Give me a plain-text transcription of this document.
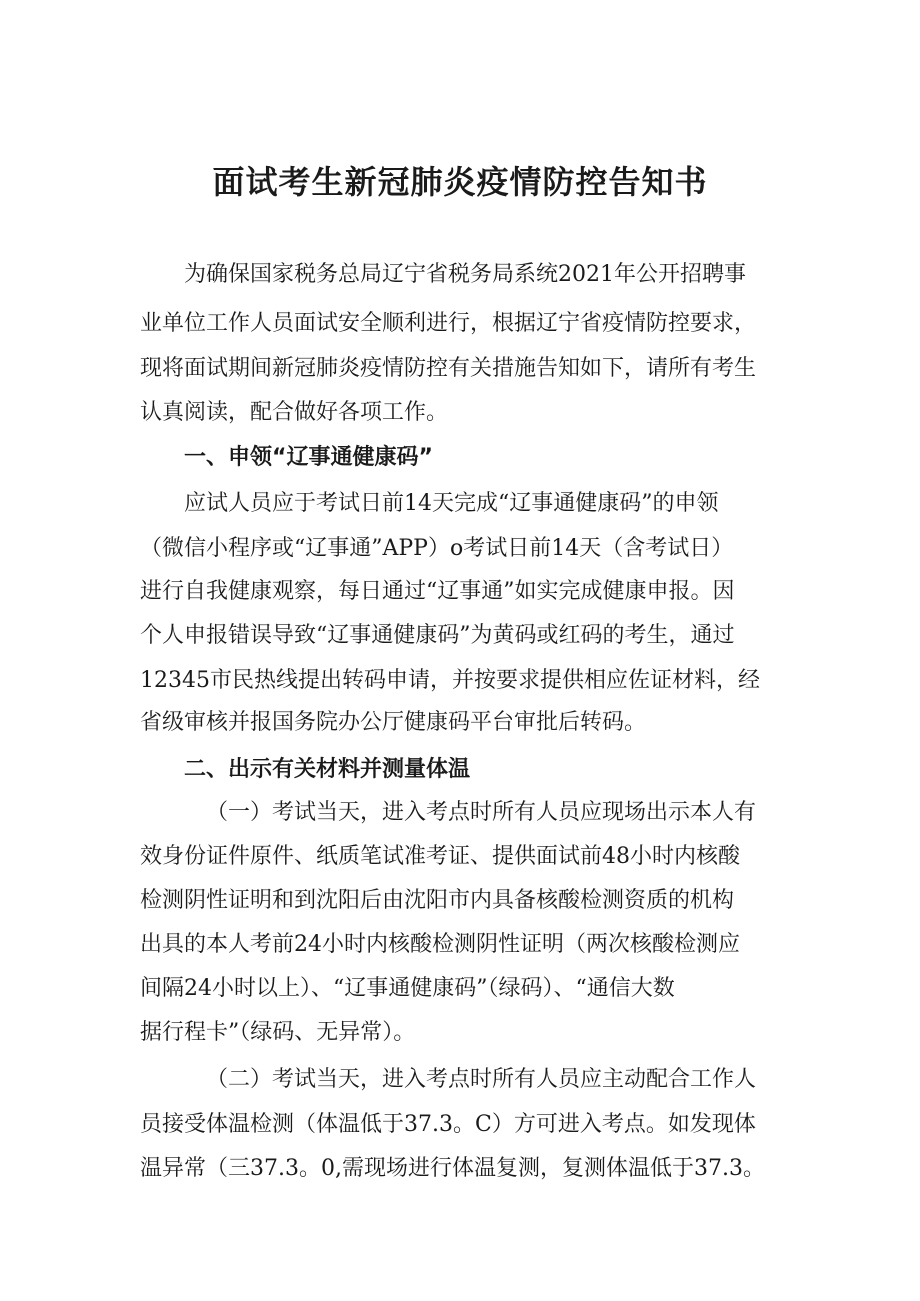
面试考生新冠肺炎疫情防控告知书
为确保国家税务总局辽宁省税务局系统2021年公开招聘事
业单位工作人员面试安全顺利进行，根据辽宁省疫情防控要求，
现将面试期间新冠肺炎疫情防控有关措施告知如下，请所有考生
认真阅读，配合做好各项工作。
一、申领“辽事通健康码”
应试人员应于考试日前14天完成“辽事通健康码”的申领
（微信小程序或“辽事通”APP）o考试日前14天（含考试日）
进行自我健康观察，每日通过“辽事通”如实完成健康申报。因
个人申报错误导致“辽事通健康码”为黄码或红码的考生，通过
12345市民热线提出转码申请，并按要求提供相应佐证材料，经
省级审核并报国务院办公厅健康码平台审批后转码。
二、出示有关材料并测量体温
（一）考试当天，进入考点时所有人员应现场出示本人有
效身份证件原件、纸质笔试准考证、提供面试前48小时内核酸
检测阴性证明和到沈阳后由沈阳市内具备核酸检测资质的机构
出具的本人考前24小时内核酸检测阴性证明（两次核酸检测应
间隔24小时以上）、“辽事通健康码”（绿码）、“通信大数
据行程卡”（绿码、无异常）。
（二）考试当天，进入考点时所有人员应主动配合工作人
员接受体温检测（体温低于37.3。C）方可进入考点。如发现体
温异常（三37.3。0,需现场进行体温复测，复测体温低于37.3。
